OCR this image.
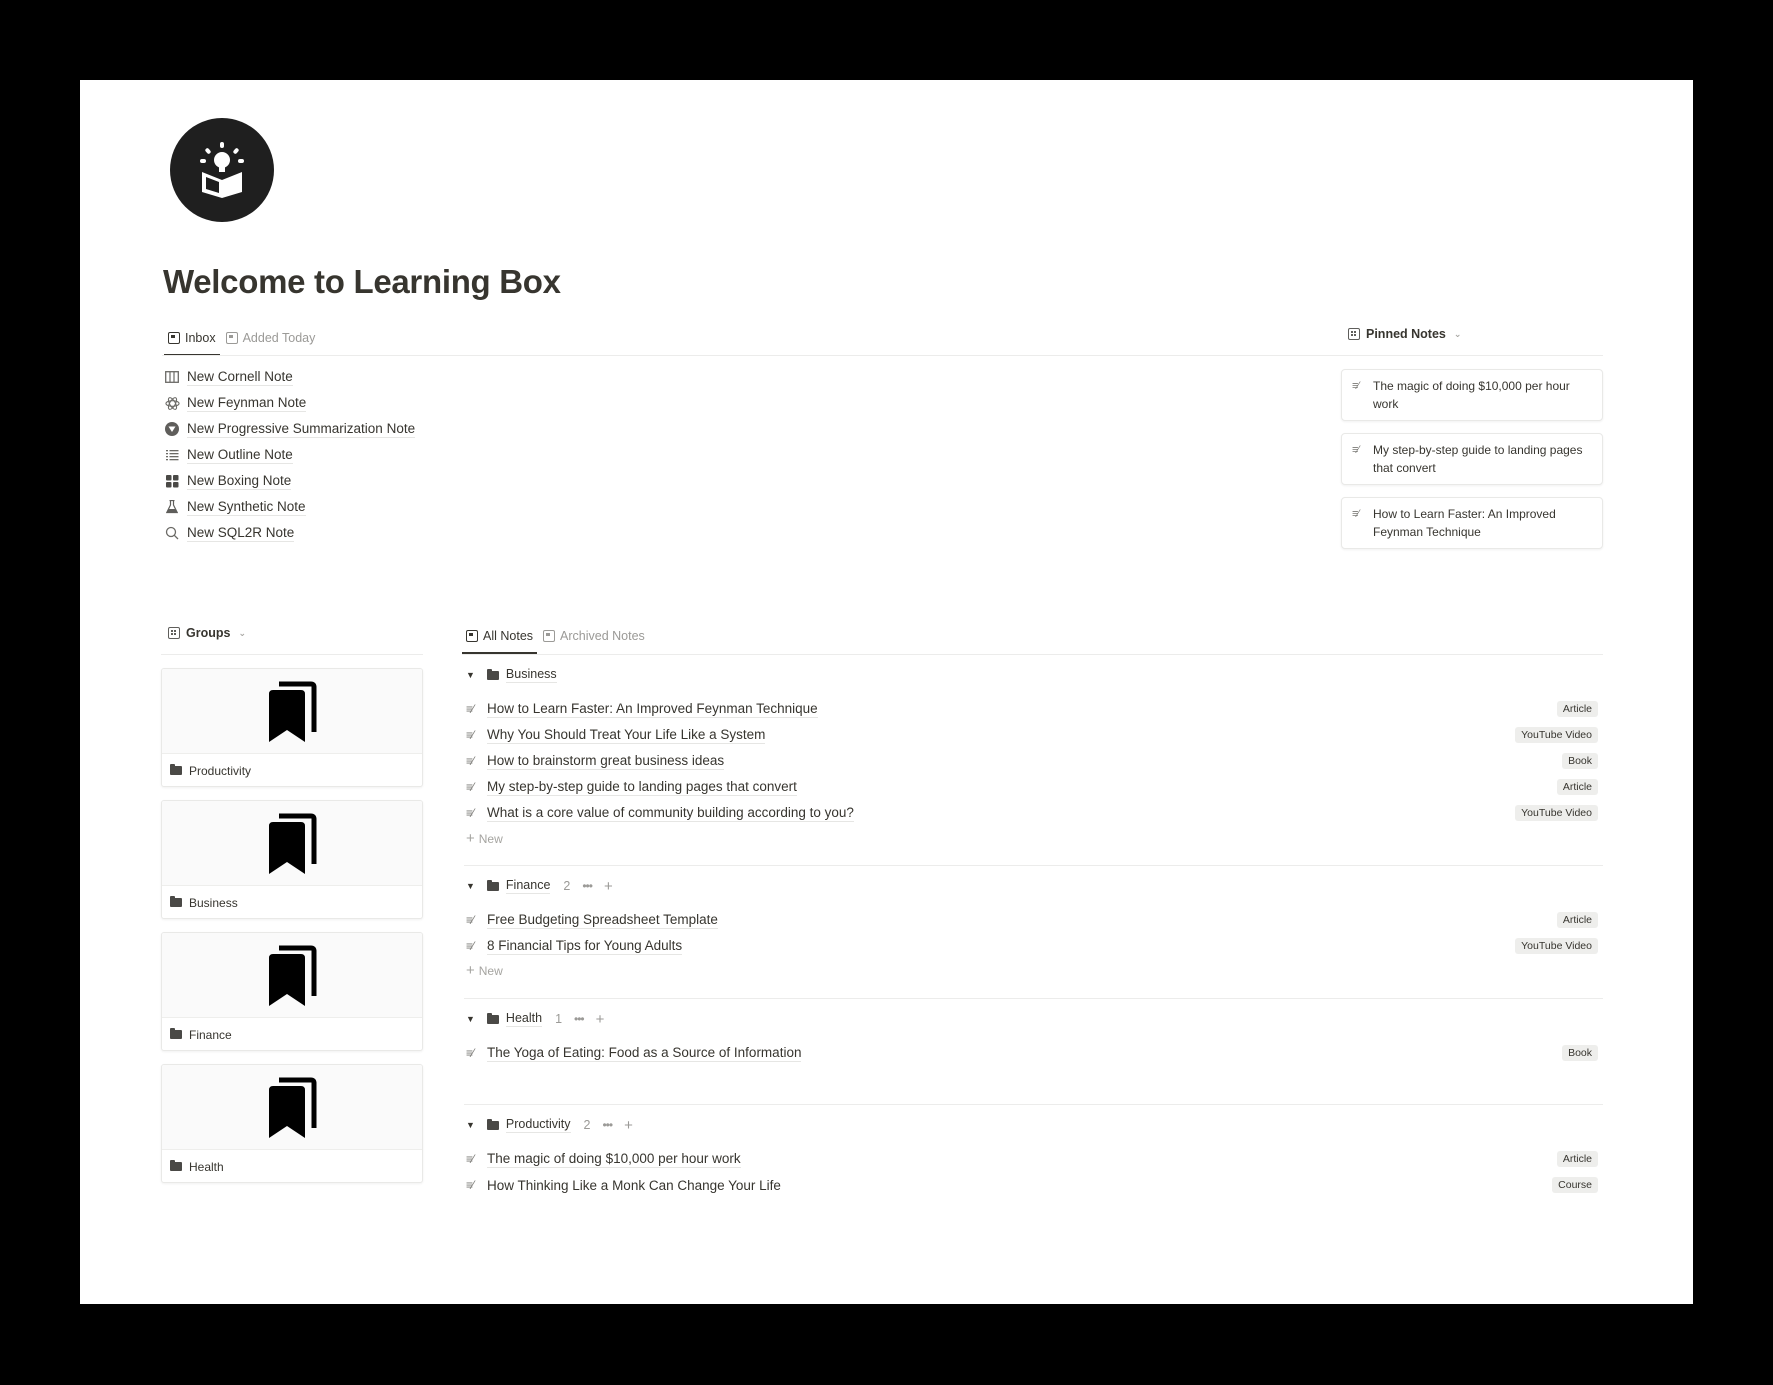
Welcome to Learning Box
Inbox Added Today
New Cornell Note
New Feynman Note
New Progressive Summarization Note
New Outline Note
New Boxing Note
New Synthetic Note
New SQL2R Note
Pinned Notes ⌄
≡⁄	The magic of doing $10,000 per hour work
≡⁄	My step-by-step guide to landing pages that convert
≡⁄	How to Learn Faster: An Improved Feynman Technique
Groups ⌄
Productivity
Business
Finance
Health
All Notes Archived Notes
▼ Business
≡⁄	How to Learn Faster: An Improved Feynman Technique	Article
≡⁄	Why You Should Treat Your Life Like a System	YouTube Video
≡⁄	How to brainstorm great business ideas	Book
≡⁄	My step-by-step guide to landing pages that convert	Article
≡⁄	What is a core value of community building according to you?	YouTube Video
+ New
▼ Finance 2 ••• +
≡⁄	Free Budgeting Spreadsheet Template	Article
≡⁄	8 Financial Tips for Young Adults	YouTube Video
+ New
▼ Health 1 ••• +
≡⁄	The Yoga of Eating: Food as a Source of Information	Book
▼ Productivity 2 ••• +
≡⁄	The magic of doing $10,000 per hour work	Article
≡⁄	How Thinking Like a Monk Can Change Your Life	Course
